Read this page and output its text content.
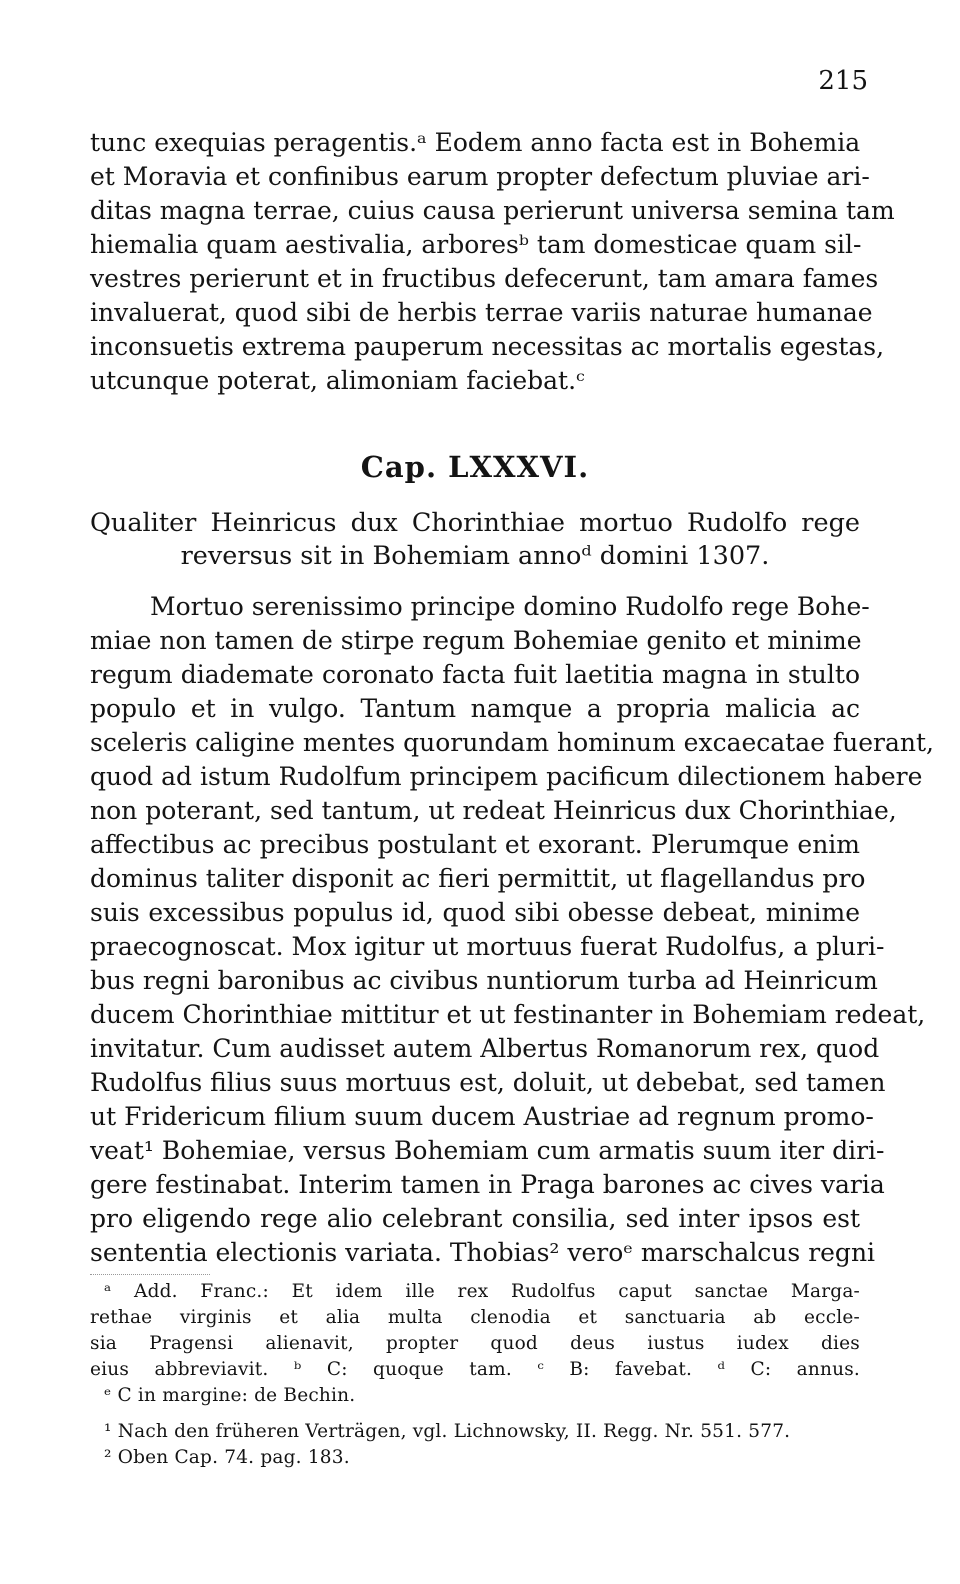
215
tunc exequias peragentis.ᵃ Eodem anno facta est in Bohemia
et Moravia et confinibus earum propter defectum pluviae ari-
ditas magna terrae, cuius causa perierunt universa semina tam
hiemalia quam aestivalia, arboresᵇ tam domesticae quam sil-
vestres perierunt et in fructibus defecerunt, tam amara fames
invaluerat, quod sibi de herbis terrae variis naturae humanae
inconsuetis extrema pauperum necessitas ac mortalis egestas,
utcunque poterat, alimoniam faciebat.ᶜ
Cap. LXXXVI.
Qualiter Heinricus dux Chorinthiae mortuo Rudolfo rege
reversus sit in Bohemiam annoᵈ domini 1307.
Mortuo serenissimo principe domino Rudolfo rege Bohe-
miae non tamen de stirpe regum Bohemiae genito et minime
regum diademate coronato facta fuit laetitia magna in stulto
populo et in vulgo. Tantum namque a propria malicia ac
sceleris caligine mentes quorundam hominum excaecatae fuerant,
quod ad istum Rudolfum principem pacificum dilectionem habere
non poterant, sed tantum, ut redeat Heinricus dux Chorinthiae,
affectibus ac precibus postulant et exorant. Plerumque enim
dominus taliter disponit ac fieri permittit, ut flagellandus pro
suis excessibus populus id, quod sibi obesse debeat, minime
praecognoscat. Mox igitur ut mortuus fuerat Rudolfus, a pluri-
bus regni baronibus ac civibus nuntiorum turba ad Heinricum
ducem Chorinthiae mittitur et ut festinanter in Bohemiam redeat,
invitatur. Cum audisset autem Albertus Romanorum rex, quod
Rudolfus filius suus mortuus est, doluit, ut debebat, sed tamen
ut Fridericum filium suum ducem Austriae ad regnum promo-
veat¹ Bohemiae, versus Bohemiam cum armatis suum iter diri-
gere festinabat. Interim tamen in Praga barones ac cives varia
pro eligendo rege alio celebrant consilia, sed inter ipsos est
sententia electionis variata. Thobias² veroᵉ marschalcus regni
ᵃ Add. Franc.: Et idem ille rex Rudolfus caput sanctae Marga-
rethae virginis et alia multa clenodia et sanctuaria ab eccle-
sia Pragensi alienavit, propter quod deus iustus iudex dies
eius abbreviavit. ᵇ C: quoque tam. ᶜ B: favebat. ᵈ C: annus.
ᵉ C in margine: de Bechin.
¹ Nach den früheren Verträgen, vgl. Lichnowsky, II. Regg. Nr. 551. 577.
² Oben Cap. 74. pag. 183.
